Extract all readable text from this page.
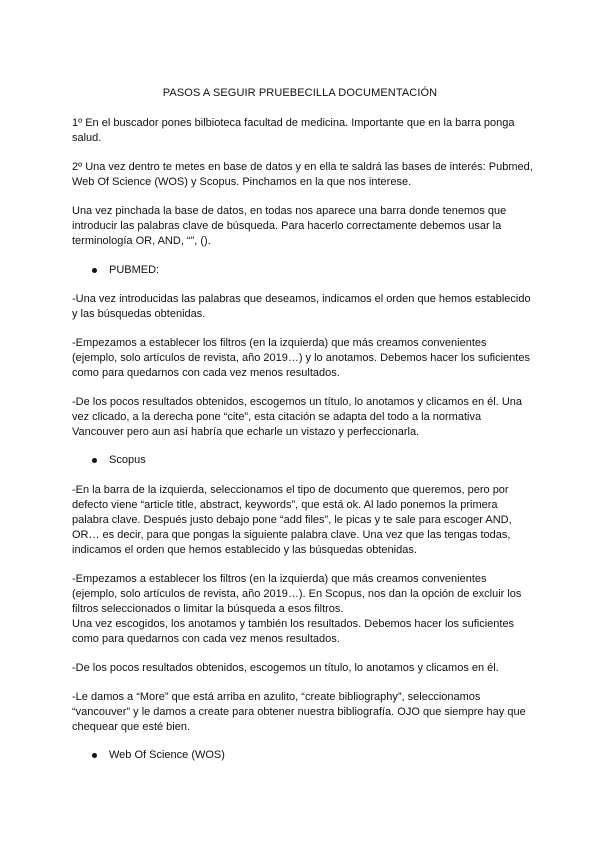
PASOS A SEGUIR PRUEBECILLA DOCUMENTACIÓN

1º En el buscador pones bilbioteca facultad de medicina. Importante que en la barra ponga salud.

2º Una vez dentro te metes en base de datos y en ella te saldrá las bases de interés: Pubmed, Web Of Science (WOS) y Scopus. Pinchamos en la que nos interese.

Una vez pinchada la base de datos, en todas nos aparece una barra donde tenemos que introducir las palabras clave de búsqueda. Para hacerlo correctamente debemos usar la terminología OR, AND, “”, ().

PUBMED:

-Una vez introducidas las palabras que deseamos, indicamos el orden que hemos establecido y las búsquedas obtenidas.

-Empezamos a establecer los filtros (en la izquierda) que más creamos convenientes (ejemplo, solo artículos de revista, año 2019…) y lo anotamos. Debemos hacer los suficientes como para quedarnos con cada vez menos resultados.

-De los pocos resultados obtenidos, escogemos un título, lo anotamos y clicamos en él. Una vez clicado, a la derecha pone “cite”, esta citación se adapta del todo a la normativa Vancouver pero aun así habría que echarle un vistazo y perfeccionarla.

Scopus

-En la barra de la izquierda, seleccionamos el tipo de documento que queremos, pero por defecto viene “article title, abstract, keywords”, que está ok. Al lado ponemos la primera palabra clave. Después justo debajo pone “add files”, le picas y te sale para escoger AND, OR… es decir, para que pongas la siguiente palabra clave. Una vez que las tengas todas, indicamos el orden que hemos establecido y las búsquedas obtenidas.

-Empezamos a establecer los filtros (en la izquierda) que más creamos convenientes (ejemplo, solo artículos de revista, año 2019…). En Scopus, nos dan la opción de excluir los filtros seleccionados o limitar la búsqueda a esos filtros.

Una vez escogidos, los anotamos y también los resultados. Debemos hacer los suficientes como para quedarnos con cada vez menos resultados.

-De los pocos resultados obtenidos, escogemos un título, lo anotamos y clicamos en él.

-Le damos a “More” que está arriba en azulito, “create bibliography”, seleccionamos “vancouver” y le damos a create para obtener nuestra bibliografía. OJO que siempre hay que chequear que esté bien.

Web Of Science (WOS)
